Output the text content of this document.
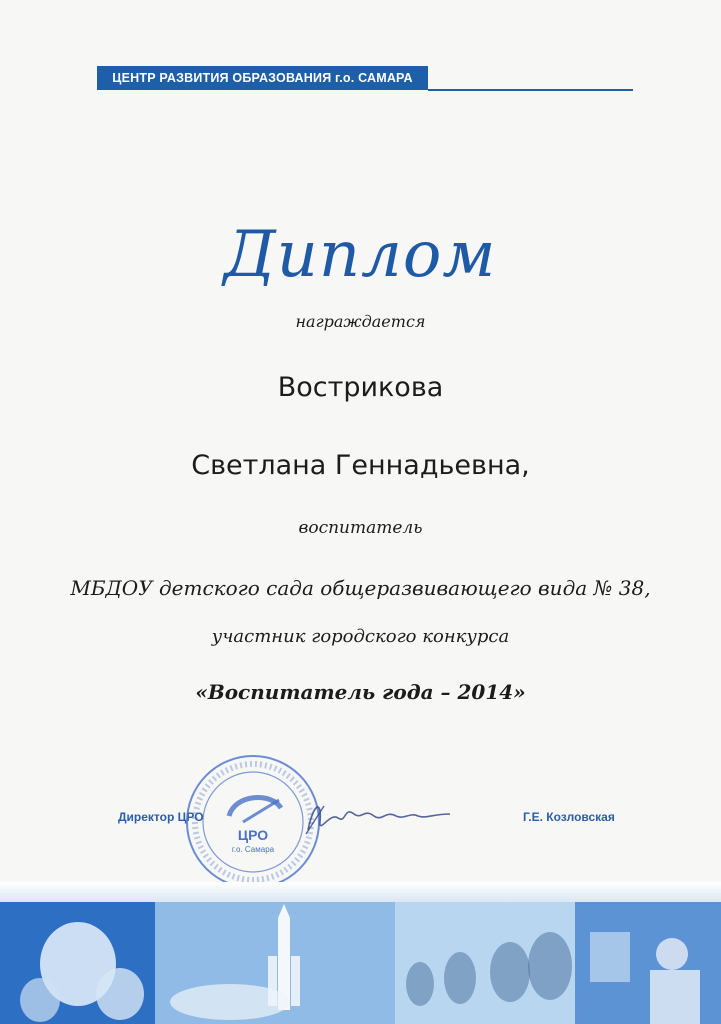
ЦЕНТР РАЗВИТИЯ ОБРАЗОВАНИЯ г.о. САМАРА
Диплом
награждается
Вострикова
Светлана Геннадьевна,
воспитатель
МБДОУ детского сада общеразвивающего вида № 38,
участник городского конкурса
«Воспитатель года – 2014»
Директор ЦРО	Г.Е. Козловская
ЦРО
г.о. Самара
